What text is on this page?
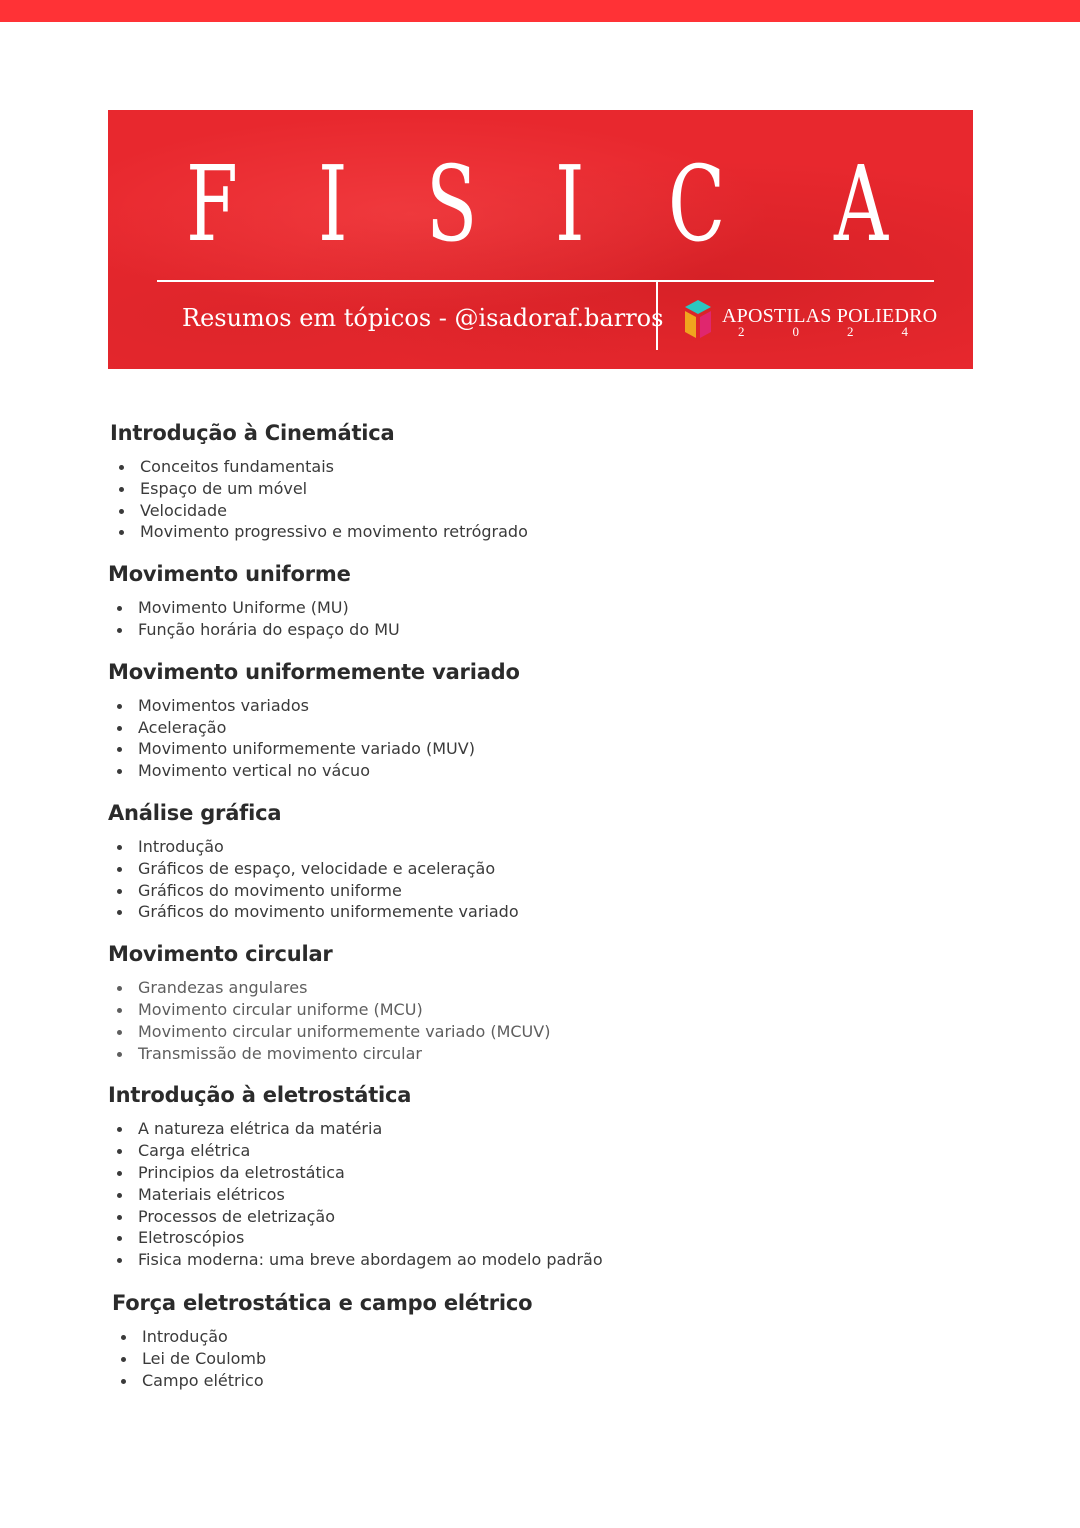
F I S I C A
Resumos em tópicos - @isadoraf.barros	APOSTILAS POLIEDRO
2	0	2	4
Introdução à Cinemática
Conceitos fundamentais
Espaço de um móvel
Velocidade
Movimento progressivo e movimento retrógrado
Movimento uniforme
Movimento Uniforme (MU)
Função horária do espaço do MU
Movimento uniformemente variado
Movimentos variados
Aceleração
Movimento uniformemente variado (MUV)
Movimento vertical no vácuo
Análise gráfica
Introdução
Gráficos de espaço, velocidade e aceleração
Gráficos do movimento uniforme
Gráficos do movimento uniformemente variado
Movimento circular
Grandezas angulares
Movimento circular uniforme (MCU)
Movimento circular uniformemente variado (MCUV)
Transmissão de movimento circular
Introdução à eletrostática
A natureza elétrica da matéria
Carga elétrica
Principios da eletrostática
Materiais elétricos
Processos de eletrização
Eletroscópios
Fisica moderna: uma breve abordagem ao modelo padrão
Força eletrostática e campo elétrico
Introdução
Lei de Coulomb
Campo elétrico
